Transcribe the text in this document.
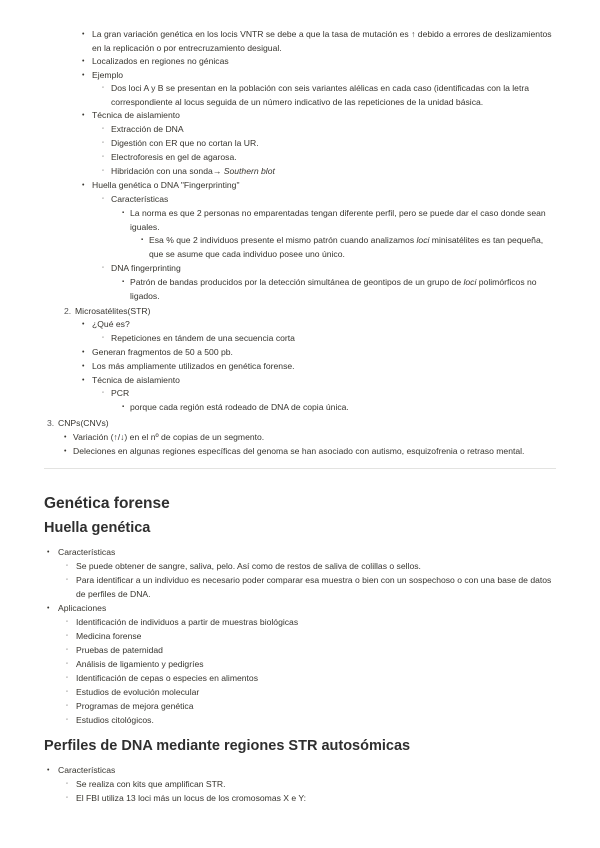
• La gran variación genética en los locis VNTR se debe a que la tasa de mutación es ↑ debido a errores de deslizamientos en la replicación o por entrecruzamiento desigual.
• Localizados en regiones no génicas
• Ejemplo
◦ Dos loci A y B se presentan en la población con seis variantes alélicas en cada caso (identificadas con la letra correspondiente al locus seguida de un número indicativo de las repeticiones de la unidad básica.
• Técnica de aislamiento
◦ Extracción de DNA
◦ Digestión con ER que no cortan la UR.
◦ Electroforesis en gel de agarosa.
◦ Hibridación con una sonda→ Southern blot
• Huella genética o DNA "Fingerprinting"
◦ Características
▪ La norma es que 2 personas no emparentadas tengan diferente perfil, pero se puede dar el caso donde sean iguales.
▪ Esa % que 2 individuos presente el mismo patrón cuando analizamos loci minisatélites es tan pequeña, que se asume que cada individuo posee uno único.
◦ DNA fingerprinting
▪ Patrón de bandas producidos por la detección simultánea de geontipos de un grupo de loci polimórficos no ligados.
2. Microsatélites(STR)
• ¿Qué es?
◦ Repeticiones en tándem de una secuencia corta
• Generan fragmentos de 50 a 500 pb.
• Los más ampliamente utilizados en genética forense.
• Técnica de aislamiento
◦ PCR
▪ porque cada región está rodeado de DNA de copia única.
3. CNPs(CNVs)
• Variación (↑/↓) en el nº de copias de un segmento.
• Deleciones en algunas regiones específicas del genoma se han asociado con autismo, esquizofrenia o retraso mental.
Genética forense
Huella genética
• Características
◦ Se puede obtener de sangre, saliva, pelo. Así como de restos de saliva de colillas o sellos.
◦ Para identificar a un individuo es necesario poder comparar esa muestra o bien con un sospechoso o con una base de datos de perfiles de DNA.
• Aplicaciones
◦ Identificación de individuos a partir de muestras biológicas
◦ Medicina forense
◦ Pruebas de paternidad
◦ Análisis de ligamiento y pedigríes
◦ Identificación de cepas o especies en alimentos
◦ Estudios de evolución molecular
◦ Programas de mejora genética
◦ Estudios citológicos.
Perfiles de DNA mediante regiones STR autosómicas
• Características
◦ Se realiza con kits que amplifican STR.
◦ El FBI utiliza 13 loci más un locus de los cromosomas X e Y:
